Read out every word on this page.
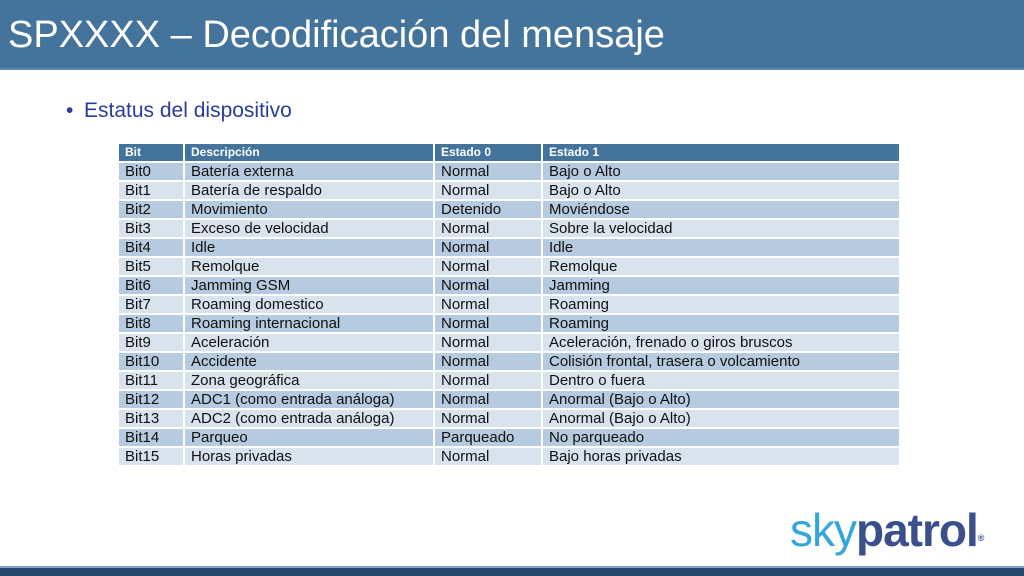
SPXXXX – Decodificación del mensaje
• Estatus del dispositivo
Bit	Descripción	Estado 0	Estado 1
Bit0	Batería externa	Normal	Bajo o Alto
Bit1	Batería de respaldo	Normal	Bajo o Alto
Bit2	Movimiento	Detenido	Moviéndose
Bit3	Exceso de velocidad	Normal	Sobre la velocidad
Bit4	Idle	Normal	Idle
Bit5	Remolque	Normal	Remolque
Bit6	Jamming GSM	Normal	Jamming
Bit7	Roaming domestico	Normal	Roaming
Bit8	Roaming internacional	Normal	Roaming
Bit9	Aceleración	Normal	Aceleración, frenado o giros bruscos
Bit10	Accidente	Normal	Colisión frontal, trasera o volcamiento
Bit11	Zona geográfica	Normal	Dentro o fuera
Bit12	ADC1 (como entrada análoga)	Normal	Anormal (Bajo o Alto)
Bit13	ADC2 (como entrada análoga)	Normal	Anormal (Bajo o Alto)
Bit14	Parqueo	Parqueado	No parqueado
Bit15	Horas privadas	Normal	Bajo horas privadas
skypatrol®
